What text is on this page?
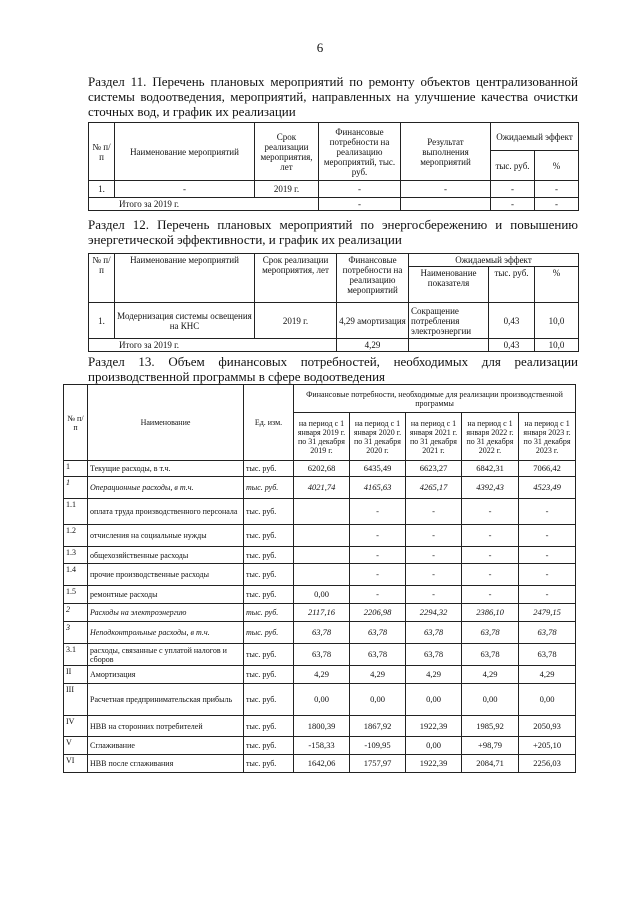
6
Раздел 11. Перечень плановых мероприятий по ремонту объектов централизованной системы водоотведения, мероприятий, направленных на улучшение качества очистки сточных вод, и график их реализации
№ п/п	Наименование мероприятий	Срок реализации мероприятия, лет	Финансовые потребности на реализацию мероприятий, тыс. руб.	Результат выполнения мероприятий	Ожидаемый эффект	
					тыс. руб.	%
1.	-	2019 г.	-	-	-	-
Итого за 2019 г.			-		-	-
Раздел 12. Перечень плановых мероприятий по энергосбережению и повышению энергетической эффективности, и график их реализации
№ п/п	Наименование мероприятий	Срок реализации мероприятия, лет	Финансовые потребности на реализацию мероприятий	Ожидаемый эффект		
				Наименование показателя	тыс. руб.	%
1.	Модернизация системы освещения на КНС	2019 г.	4,29 амортизация	Сокращение потребления электроэнергии	0,43	10,0
Итого за 2019 г.			4,29		0,43	10,0
Раздел 13. Объем финансовых потребностей, необходимых для реализации производственной программы в сфере водоотведения
№ п/п	Наименование	Ед. изм.	Финансовые потребности, необходимые для реализации производственной программы				
			на период с 1 января 2019 г. по 31 декабря 2019 г.	на период с 1 января 2020 г. по 31 декабря 2020 г.	на период с 1 января 2021 г. по 31 декабря 2021 г.	на период с 1 января 2022 г. по 31 декабря 2022 г.	на период с 1 января 2023 г. по 31 декабря 2023 г.
1	Текущие расходы, в т.ч.	тыс. руб.	6202,68	6435,49	6623,27	6842,31	7066,42
1	Операционные расходы, в т.ч.	тыс. руб.	4021,74	4165,63	4265,17	4392,43	4523,49
1.1	оплата труда производственного персонала	тыс. руб.		-	-	-	-
1.2	отчисления на социальные нужды	тыс. руб.		-	-	-	-
1.3	общехозяйственные расходы	тыс. руб.		-	-	-	-
1.4	прочие производственные расходы	тыс. руб.		-	-	-	-
1.5	ремонтные расходы	тыс. руб.	0,00	-	-	-	-
2	Расходы на электроэнергию	тыс. руб.	2117,16	2206,98	2294,32	2386,10	2479,15
3	Неподконтрольные расходы, в т.ч.	тыс. руб.	63,78	63,78	63,78	63,78	63,78
3.1	расходы, связанные с уплатой налогов и сборов	тыс. руб.	63,78	63,78	63,78	63,78	63,78
II	Амортизация	тыс. руб.	4,29	4,29	4,29	4,29	4,29
III	Расчетная предпринимательская прибыль	тыс. руб.	0,00	0,00	0,00	0,00	0,00
IV	НВВ на сторонних потребителей	тыс. руб.	1800,39	1867,92	1922,39	1985,92	2050,93
V	Сглаживание	тыс. руб.	-158,33	-109,95	0,00	+98,79	+205,10
VI	НВВ после сглаживания	тыс. руб.	1642,06	1757,97	1922,39	2084,71	2256,03
